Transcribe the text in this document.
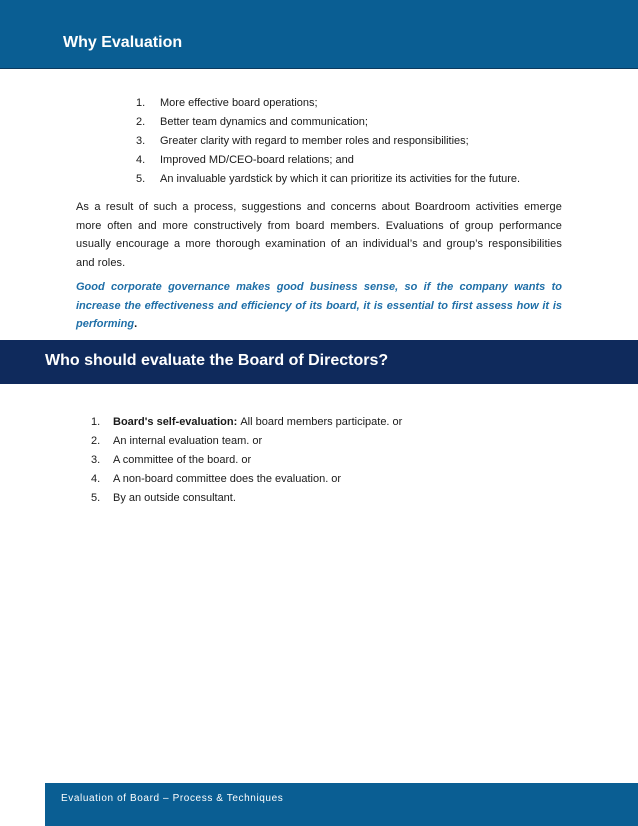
Why Evaluation
1.	More effective board operations;
2.	Better team dynamics and communication;
3.	Greater clarity with regard to member roles and responsibilities;
4.	Improved MD/CEO-board relations; and
5.	An invaluable yardstick by which it can prioritize its activities for the future.

As a result of such a process, suggestions and concerns about Boardroom activities emerge more often and more constructively from board members. Evaluations of group performance usually encourage a more thorough examination of an individual’s and group’s responsibilities and roles.

Good corporate governance makes good business sense, so if the company wants to increase the effectiveness and efficiency of its board, it is essential to first assess how it is performing.

Who should evaluate the Board of Directors?
1.	Board's self-evaluation: All board members participate. or
2.	An internal evaluation team. or
3.	A committee of the board. or
4.	A non-board committee does the evaluation. or
5.	By an outside consultant.
Evaluation of Board – Process & Techniques
